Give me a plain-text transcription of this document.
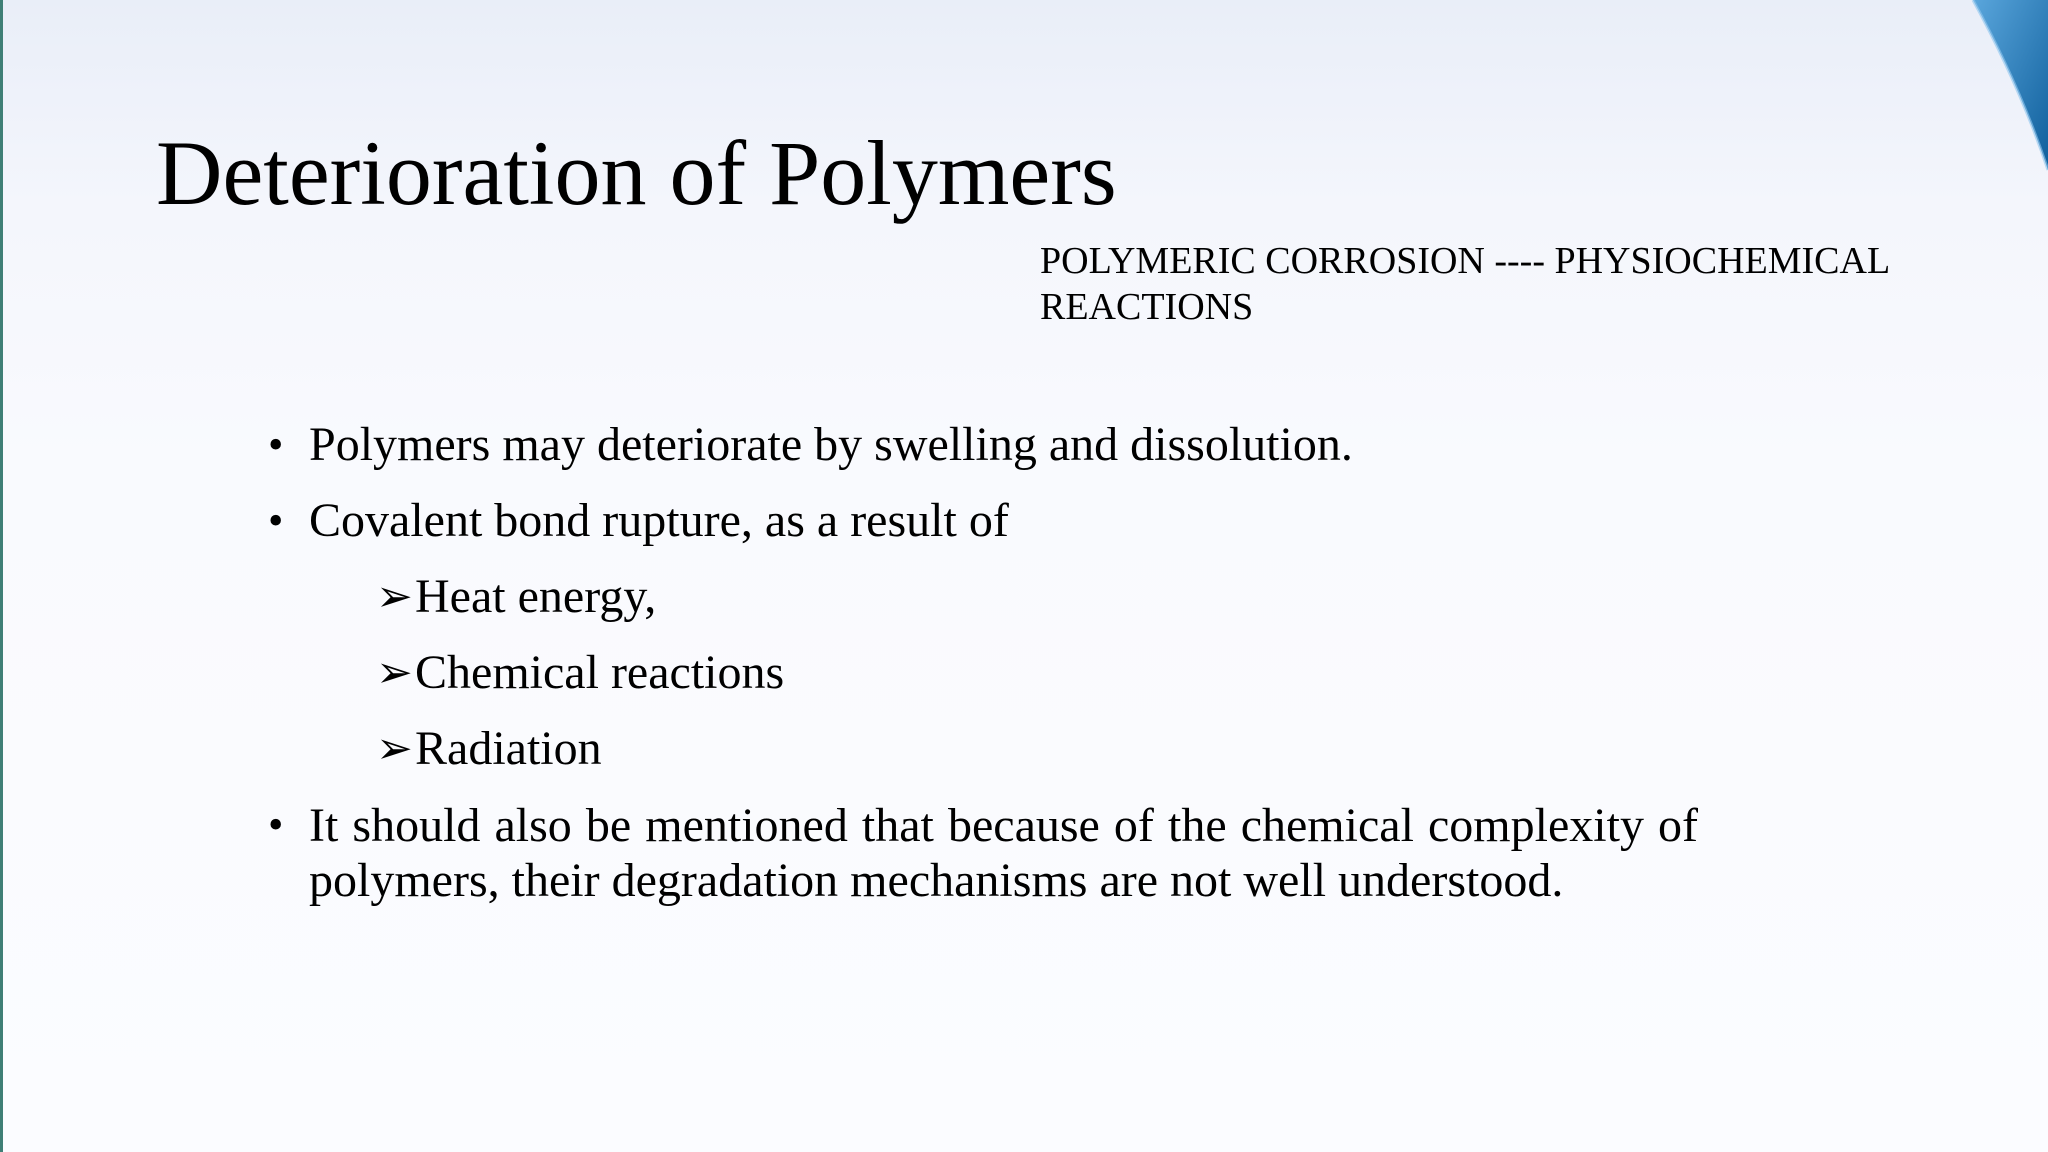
Deterioration of Polymers

POLYMERIC CORROSION ---- PHYSIOCHEMICAL
REACTIONS

• Polymers may deteriorate by swelling and dissolution.
• Covalent bond rupture, as a result of
➢ Heat energy,
➢ Chemical reactions
➢ Radiation
• It should also be mentioned that because of the chemical complexity of polymers, their degradation mechanisms are not well understood.
